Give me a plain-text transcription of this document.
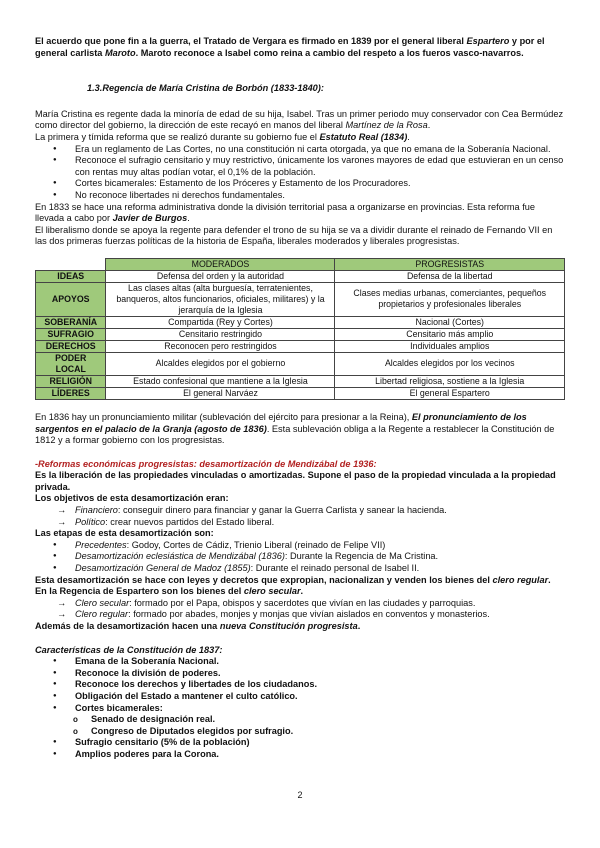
El acuerdo que pone fin a la guerra, el Tratado de Vergara es firmado en 1839 por el general liberal Espartero y por el general carlista Maroto. Maroto reconoce a Isabel como reina a cambio del respeto a los fueros vasco-navarros.

1.3.Regencia de María Cristina de Borbón (1833-1840):

María Cristina es regente dada la minoría de edad de su hija, Isabel. Tras un primer periodo muy conservador con Cea Bermúdez como director del gobierno, la dirección de este recayó en manos del liberal Martínez de la Rosa.

La primera y tímida reforma que se realizó durante su gobierno fue el Estatuto Real (1834).

● Era un reglamento de Las Cortes, no una constitución ni carta otorgada, ya que no emana de la Soberanía Nacional.
● Reconoce el sufragio censitario y muy restrictivo, únicamente los varones mayores de edad que estuvieran en un censo con rentas muy altas podían votar, el 0,1% de la población.
● Cortes bicamerales: Estamento de los Próceres y Estamento de los Procuradores.
● No reconoce libertades ni derechos fundamentales.

En 1833 se hace una reforma administrativa donde la división territorial pasa a organizarse en provincias. Esta reforma fue llevada a cabo por Javier de Burgos.

El liberalismo donde se apoya la regente para defender el trono de su hija se va a dividir durante el reinado de Fernando VII en las dos primeras fuerzas políticas de la historia de España, liberales moderados y liberales progresistas.

	MODERADOS	PROGRESISTAS
IDEAS	Defensa del orden y la autoridad	Defensa de la libertad
APOYOS	Las clases altas (alta burguesía, terratenientes, banqueros, altos funcionarios, oficiales, militares) y la jerarquía de la Iglesia	Clases medias urbanas, comerciantes, pequeños propietarios y profesionales liberales
SOBERANÍA	Compartida (Rey y Cortes)	Nacional (Cortes)
SUFRAGIO	Censitario restringido	Censitario más amplio
DERECHOS	Reconocen pero restringidos	Individuales amplios
PODER LOCAL	Alcaldes elegidos por el gobierno	Alcaldes elegidos por los vecinos
RELIGIÓN	Estado confesional que mantiene a la Iglesia	Libertad religiosa, sostiene a la Iglesia
LÍDERES	El general Narváez	El general Espartero

En 1836 hay un pronunciamiento militar (sublevación del ejército para presionar a la Reina), El pronunciamiento de los sargentos en el palacio de la Granja (agosto de 1836). Esta sublevación obliga a la Regente a restablecer la Constitución de 1812 y a formar gobierno con los progresistas.

-Reformas económicas progresistas: desamortización de Mendizábal de 1936:

Es la liberación de las propiedades vinculadas o amortizadas. Supone el paso de la propiedad vinculada a la propiedad privada.

Los objetivos de esta desamortización eran:

→ Financiero: conseguir dinero para financiar y ganar la Guerra Carlista y sanear la hacienda.
→ Político: crear nuevos partidos del Estado liberal.

Las etapas de esta desamortización son:

● Precedentes: Godoy, Cortes de Cádiz, Trienio Liberal (reinado de Felipe VII)
● Desamortización eclesiástica de Mendizábal (1836): Durante la Regencia de Ma Cristina.
● Desamortización General de Madoz (1855): Durante el reinado personal de Isabel II.

Esta desamortización se hace con leyes y decretos que expropian, nacionalizan y venden los bienes del clero regular. En la Regencia de Espartero son los bienes del clero secular.

→ Clero secular: formado por el Papa, obispos y sacerdotes que vivían en las ciudades y parroquias.
→ Clero regular: formado por abades, monjes y monjas que vivían aislados en conventos y monasterios.

Además de la desamortización hacen una nueva Constitución progresista.

Características de la Constitución de 1837:

● Emana de la Soberanía Nacional.
● Reconoce la división de poderes.
● Reconoce los derechos y libertades de los ciudadanos.
● Obligación del Estado a mantener el culto católico.
● Cortes bicamerales:
o Senado de designación real.
o Congreso de Diputados elegidos por sufragio.
● Sufragio censitario (5% de la población)
● Amplios poderes para la Corona.
2
